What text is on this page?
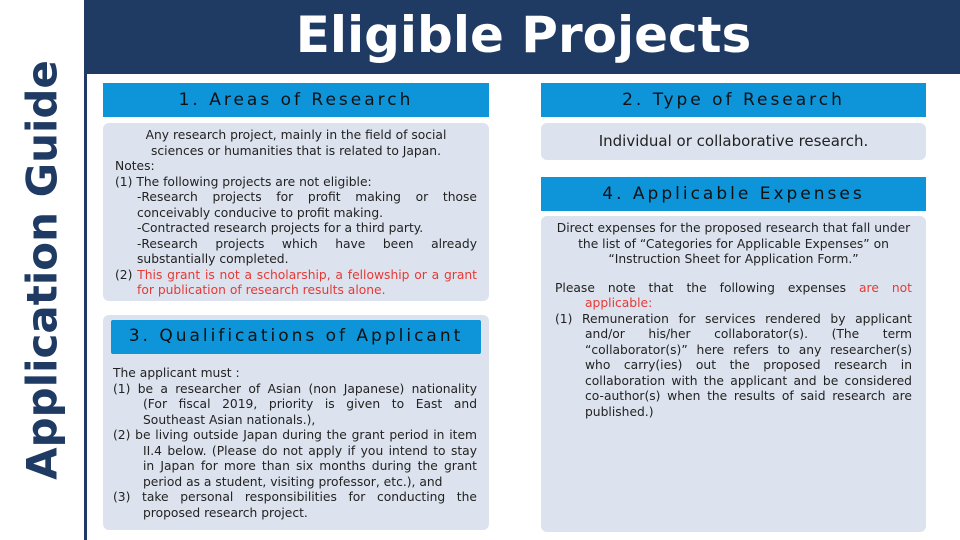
Application Guide
Eligible Projects
1. Areas of Research

Any research project, mainly in the field of social sciences or humanities that is related to Japan.

Notes:

(1) The following projects are not eligible:

-Research projects for profit making or those conceivably conducive to profit making.

-Contracted research projects for a third party.

-Research projects which have been already substantially completed.

(2) This grant is not a scholarship, a fellowship or a grant for publication of research results alone.

3. Qualifications of Applicant

The applicant must :

(1) be a researcher of Asian (non Japanese) nationality (For fiscal 2019, priority is given to East and Southeast Asian nationals.),

(2) be living outside Japan during the grant period in item II.4 below. (Please do not apply if you intend to stay in Japan for more than six months during the grant period as a student, visiting professor, etc.), and

(3) take personal responsibilities for conducting the proposed research project.

2. Type of Research
Individual or collaborative research.
4. Applicable Expenses

Direct expenses for the proposed research that fall under the list of “Categories for Applicable Expenses” on “Instruction Sheet for Application Form.”

Please note that the following expenses are not applicable:

(1) Remuneration for services rendered by applicant and/or his/her collaborator(s). (The term “collaborator(s)” here refers to any researcher(s) who carry(ies) out the proposed research in collaboration with the applicant and be considered co-author(s) when the results of said research are published.)
